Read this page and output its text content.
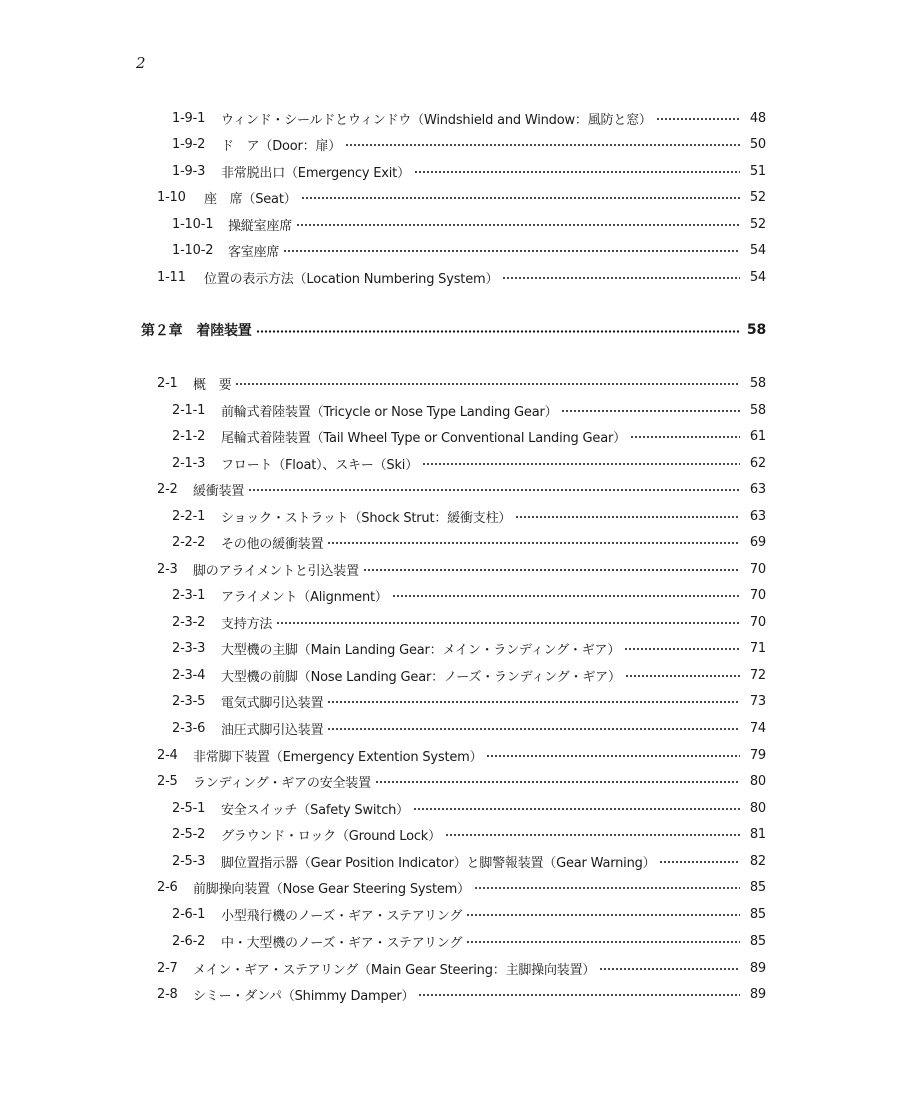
2
1-9-1	ウィンド・シールドとウィンドウ（Windshield and Window：風防と窓）	48
1-9-2	ド　ア（Door：扉）	50
1-9-3	非常脱出口（Emergency Exit）	51
1-10	座　席（Seat）	52
1-10-1	操縦室座席	52
1-10-2	客室座席	54
1-11	位置の表示方法（Location Numbering System）	54
第２章 着陸装置	58
2-1	概　要	58
2-1-1	前輪式着陸装置（Tricycle or Nose Type Landing Gear）	58
2-1-2	尾輪式着陸装置（Tail Wheel Type or Conventional Landing Gear）	61
2-1-3	フロート（Float）、スキー（Ski）	62
2-2	緩衝装置	63
2-2-1	ショック・ストラット（Shock Strut：緩衝支柱）	63
2-2-2	その他の緩衝装置	69
2-3	脚のアライメントと引込装置	70
2-3-1	アライメント（Alignment）	70
2-3-2	支持方法	70
2-3-3	大型機の主脚（Main Landing Gear：メイン・ランディング・ギア）	71
2-3-4	大型機の前脚（Nose Landing Gear：ノーズ・ランディング・ギア）	72
2-3-5	電気式脚引込装置	73
2-3-6	油圧式脚引込装置	74
2-4	非常脚下装置（Emergency Extention System）	79
2-5	ランディング・ギアの安全装置	80
2-5-1	安全スイッチ（Safety Switch）	80
2-5-2	グラウンド・ロック（Ground Lock）	81
2-5-3	脚位置指示器（Gear Position Indicator）と脚警報装置（Gear Warning）	82
2-6	前脚操向装置（Nose Gear Steering System）	85
2-6-1	小型飛行機のノーズ・ギア・ステアリング	85
2-6-2	中・大型機のノーズ・ギア・ステアリング	85
2-7	メイン・ギア・ステアリング（Main Gear Steering：主脚操向装置）	89
2-8	シミー・ダンパ（Shimmy Damper）	89
